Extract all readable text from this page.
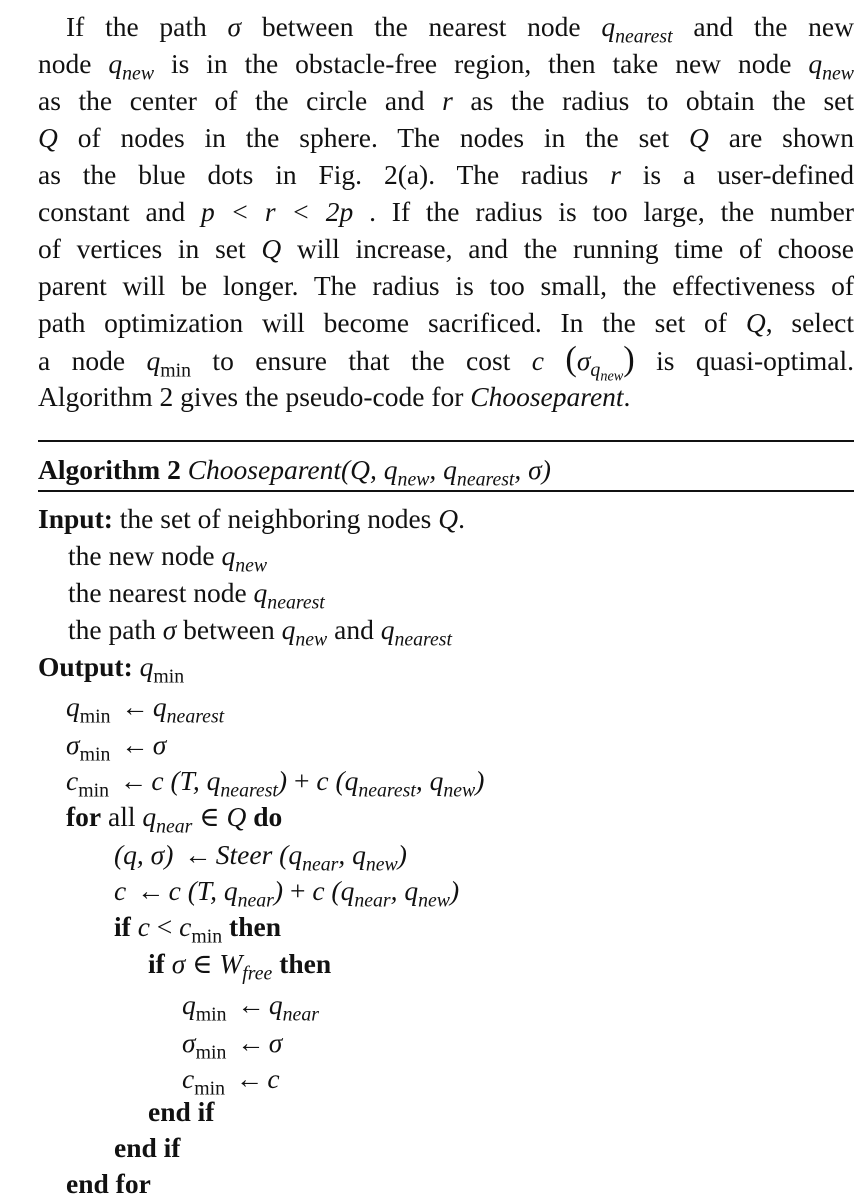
If the path σ between the nearest node $q_{nearest}$ and the new
node $q_{new}$ is in the obstacle-free region, then take new node $q_{new}$
as the center of the circle and r as the radius to obtain the set
Q of nodes in the sphere. The nodes in the set Q are shown
as the blue dots in Fig. 2(a). The radius r is a user-defined
constant and p < r < 2p . If the radius is too large, the number
of vertices in set Q will increase, and the running time of choose
parent will be longer. The radius is too small, the effectiveness of
path optimization will become sacrificed. In the set of Q, select
a node $q_{min}$ to ensure that the cost c $(\sigma_{q_{new}})$ is quasi-optimal.
Algorithm 2 gives the pseudo-code for Chooseparent.
Algorithm 2 Chooseparent(Q, $q_{new}$, $q_{nearest}$, σ)
Input: the set of neighboring nodes Q.
the new node $q_{new}$
the nearest node $q_{nearest}$
the path σ between $q_{new}$ and $q_{nearest}$
Output: $q_{min}$
$q_{min}$ ← $q_{nearest}$
$\sigma_{min}$ ← σ
$c_{min}$ ← c (T, $q_{nearest}) + c$ ($q_{nearest}$, $q_{new}$)
for all $q_{near}$ ∈ Q do
(q, σ) ← Steer ($q_{near}$, $q_{new}$)
c ← c (T, $q_{near}) + c$ ($q_{near}$, $q_{new}$)
if $c < c_{min}$ then
if σ ∈ $W_{free}$ then
$q_{min}$ ← $q_{near}$
$\sigma_{min}$ ← σ
$c_{min}$ ← c
end if
end if
end for
